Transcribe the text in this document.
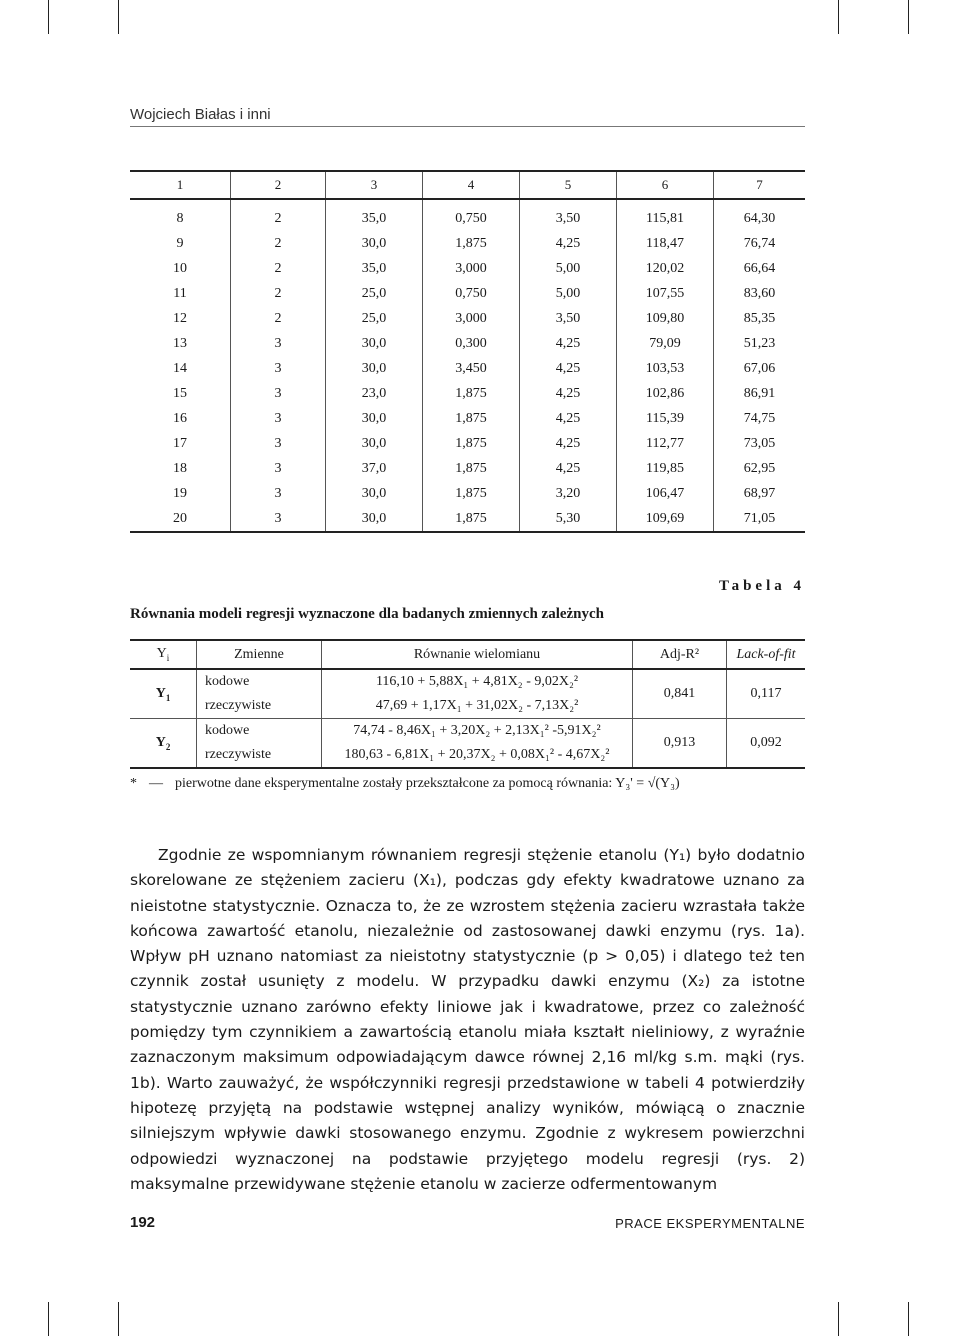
Wojciech Białas i inni
1	2	3	4	5	6	7
8	2	35,0	0,750	3,50	115,81	64,30
9	2	30,0	1,875	4,25	118,47	76,74
10	2	35,0	3,000	5,00	120,02	66,64
11	2	25,0	0,750	5,00	107,55	83,60
12	2	25,0	3,000	3,50	109,80	85,35
13	3	30,0	0,300	4,25	79,09	51,23
14	3	30,0	3,450	4,25	103,53	67,06
15	3	23,0	1,875	4,25	102,86	86,91
16	3	30,0	1,875	4,25	115,39	74,75
17	3	30,0	1,875	4,25	112,77	73,05
18	3	37,0	1,875	4,25	119,85	62,95
19	3	30,0	1,875	3,20	106,47	68,97
20	3	30,0	1,875	5,30	109,69	71,05
Tabela 4
Równania modeli regresji wyznaczone dla badanych zmiennych zależnych
$Y_i$	Zmienne	Równanie wielomianu	Adj-R²	Lack-of-fit
$Y_1$	kodowe	116,10 + 5,88X₁ + 4,81X₂ - 9,02X₂²	0,841	0,117
	rzeczywiste	47,69 + 1,17X₁ + 31,02X₂ - 7,13X₂²		
$Y_2$	kodowe	74,74 - 8,46X₁ + 3,20X₂ + 2,13X₁² -5,91X₂²	0,913	0,092
	rzeczywiste	180,63 - 6,81X₁ + 20,37X₂ + 0,08X₁² - 4,67X₂²		
* — pierwotne dane eksperymentalne zostały przekształcone za pomocą równania: Y₃' = √(Y₃)

Zgodnie ze wspomnianym równaniem regresji stężenie etanolu (Y₁) było dodatnio skorelowane ze stężeniem zacieru (X₁), podczas gdy efekty kwadratowe uznano za nieistotne statystycznie. Oznacza to, że ze wzrostem stężenia zacieru wzrastała także końcowa zawartość etanolu, niezależnie od zastosowanej dawki enzymu (rys. 1a). Wpływ pH uznano natomiast za nieistotny statystycznie (p > 0,05) i dlatego też ten czynnik został usunięty z modelu. W przypadku dawki enzymu (X₂) za istotne statystycznie uznano zarówno efekty liniowe jak i kwadratowe, przez co zależność pomiędzy tym czynnikiem a zawartością etanolu miała kształt nieliniowy, z wyraźnie zaznaczonym maksimum odpowiadającym dawce równej 2,16 ml/kg s.m. mąki (rys. 1b). Warto zauważyć, że współczynniki regresji przedstawione w tabeli 4 potwierdziły hipotezę przyjętą na podstawie wstępnej analizy wyników, mówiącą o znacznie silniejszym wpływie dawki stosowanego enzymu. Zgodnie z wykresem powierzchni odpowiedzi wyznaczonej na podstawie przyjętego modelu regresji (rys. 2) maksymalne przewidywane stężenie etanolu w zacierze odfermentowanym

192	PRACE EKSPERYMENTALNE
